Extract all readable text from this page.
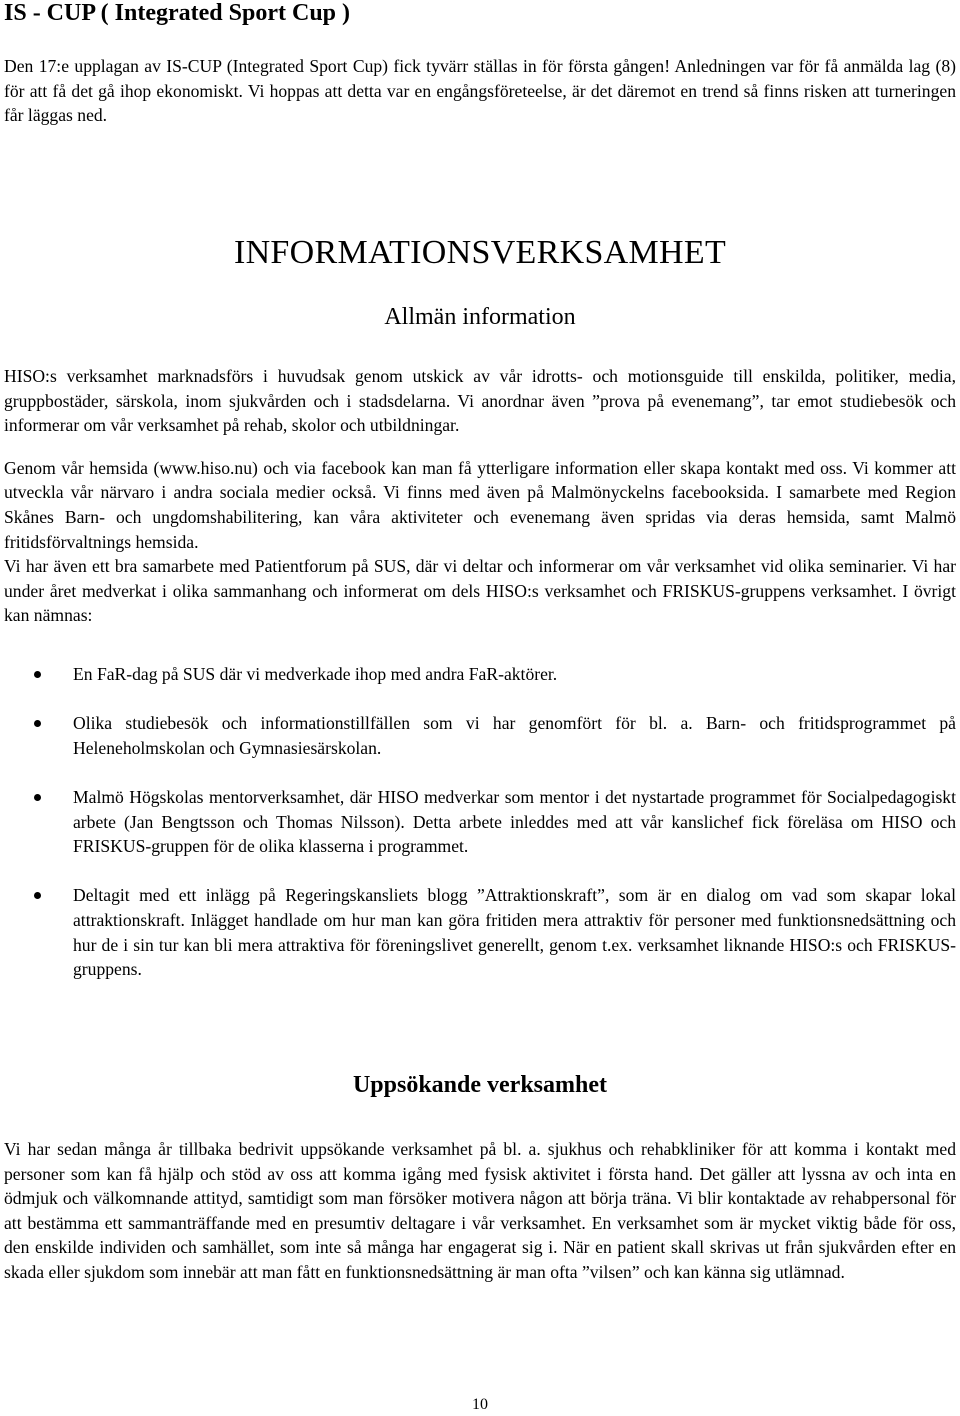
IS - CUP ( Integrated Sport Cup )

Den 17:e upplagan av IS-CUP (Integrated Sport Cup) fick tyvärr ställas in för första gången! Anledningen var för få anmälda lag (8) för att få det gå ihop ekonomiskt. Vi hoppas att detta var en engångsföreteelse, är det däremot en trend så finns risken att turneringen får läggas ned.

INFORMATIONSVERKSAMHET
Allmän information

HISO:s verksamhet marknadsförs i huvudsak genom utskick av vår idrotts- och motionsguide till enskilda, politiker, media, gruppbostäder, särskola, inom sjukvården och i stadsdelarna. Vi anordnar även ”prova på evenemang”, tar emot studiebesök och informerar om vår verksamhet på rehab, skolor och utbildningar.

Genom vår hemsida (www.hiso.nu) och via facebook kan man få ytterligare information eller skapa kontakt med oss. Vi kommer att utveckla vår närvaro i andra sociala medier också. Vi finns med även på Malmönyckelns facebooksida. I samarbete med Region Skånes Barn- och ungdomshabilitering, kan våra aktiviteter och evenemang även spridas via deras hemsida, samt Malmö fritidsförvaltnings hemsida.

Vi har även ett bra samarbete med Patientforum på SUS, där vi deltar och informerar om vår verksamhet vid olika seminarier. Vi har under året medverkat i olika sammanhang och informerat om dels HISO:s verksamhet och FRISKUS-gruppens verksamhet. I övrigt kan nämnas:

En FaR-dag på SUS där vi medverkade ihop med andra FaR-aktörer.
Olika studiebesök och informationstillfällen som vi har genomfört för bl. a. Barn- och fritidsprogrammet på Heleneholmskolan och Gymnasiesärskolan.
Malmö Högskolas mentorverksamhet, där HISO medverkar som mentor i det nystartade programmet för Socialpedagogiskt arbete (Jan Bengtsson och Thomas Nilsson). Detta arbete inleddes med att vår kanslichef fick föreläsa om HISO och FRISKUS-gruppen för de olika klasserna i programmet.
Deltagit med ett inlägg på Regeringskansliets blogg ”Attraktionskraft”, som är en dialog om vad som skapar lokal attraktionskraft. Inlägget handlade om hur man kan göra fritiden mera attraktiv för personer med funktionsnedsättning och hur de i sin tur kan bli mera attraktiva för föreningslivet generellt, genom t.ex. verksamhet liknande HISO:s och FRISKUS-gruppens.
Uppsökande verksamhet

Vi har sedan många år tillbaka bedrivit uppsökande verksamhet på bl. a. sjukhus och rehabkliniker för att komma i kontakt med personer som kan få hjälp och stöd av oss att komma igång med fysisk aktivitet i första hand. Det gäller att lyssna av och inta en ödmjuk och välkomnande attityd, samtidigt som man försöker motivera någon att börja träna. Vi blir kontaktade av rehabpersonal för att bestämma ett sammanträffande med en presumtiv deltagare i vår verksamhet. En verksamhet som är mycket viktig både för oss, den enskilde individen och samhället, som inte så många har engagerat sig i. När en patient skall skrivas ut från sjukvården efter en skada eller sjukdom som innebär att man fått en funktionsnedsättning är man ofta ”vilsen” och kan känna sig utlämnad.

10
